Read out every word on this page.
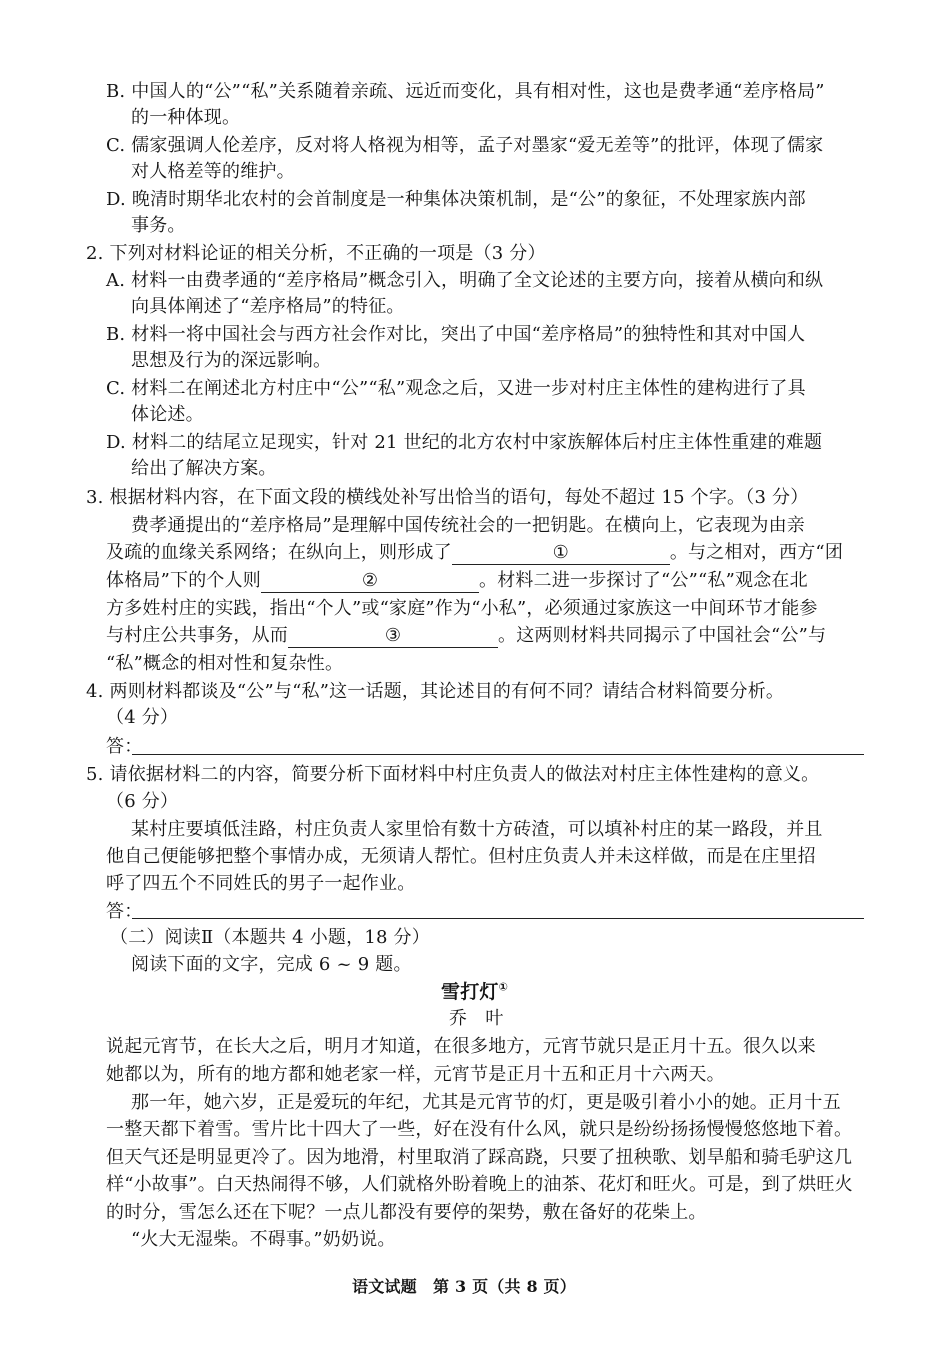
B. 中国人的“公”“私”关系随着亲疏、远近而变化，具有相对性，这也是费孝通“差序格局”
的一种体现。
C. 儒家强调人伦差序，反对将人格视为相等，孟子对墨家“爱无差等”的批评，体现了儒家
对人格差等的维护。
D. 晚清时期华北农村的会首制度是一种集体决策机制，是“公”的象征，不处理家族内部
事务。
2. 下列对材料论证的相关分析，不正确的一项是（3 分）
A. 材料一由费孝通的“差序格局”概念引入，明确了全文论述的主要方向，接着从横向和纵
向具体阐述了“差序格局”的特征。
B. 材料一将中国社会与西方社会作对比，突出了中国“差序格局”的独特性和其对中国人
思想及行为的深远影响。
C. 材料二在阐述北方村庄中“公”“私”观念之后，又进一步对村庄主体性的建构进行了具
体论述。
D. 材料二的结尾立足现实，针对 21 世纪的北方农村中家族解体后村庄主体性重建的难题
给出了解决方案。
3. 根据材料内容，在下面文段的横线处补写出恰当的语句，每处不超过 15 个字。（3 分）
费孝通提出的“差序格局”是理解中国传统社会的一把钥匙。在横向上，它表现为由亲
及疏的血缘关系网络；在纵向上，则形成了	①	。与之相对，西方“团
体格局”下的个人则	②	。材料二进一步探讨了“公”“私”观念在北
方多姓村庄的实践，指出“个人”或“家庭”作为“小私”，必须通过家族这一中间环节才能参
与村庄公共事务，从而	③	。这两则材料共同揭示了中国社会“公”与
“私”概念的相对性和复杂性。
4. 两则材料都谈及“公”与“私”这一话题，其论述目的有何不同？请结合材料简要分析。
（4 分）
答：
5. 请依据材料二的内容，简要分析下面材料中村庄负责人的做法对村庄主体性建构的意义。
（6 分）
某村庄要填低洼路，村庄负责人家里恰有数十方砖渣，可以填补村庄的某一路段，并且
他自己便能够把整个事情办成，无须请人帮忙。但村庄负责人并未这样做，而是在庄里招
呼了四五个不同姓氏的男子一起作业。
答：
（二）阅读Ⅱ（本题共 4 小题，18 分）
阅读下面的文字，完成 6 ~ 9 题。
雪打灯①
乔　叶
说起元宵节，在长大之后，明月才知道，在很多地方，元宵节就只是正月十五。很久以来
她都以为，所有的地方都和她老家一样，元宵节是正月十五和正月十六两天。
那一年，她六岁，正是爱玩的年纪，尤其是元宵节的灯，更是吸引着小小的她。正月十五
一整天都下着雪。雪片比十四大了一些，好在没有什么风，就只是纷纷扬扬慢慢悠悠地下着。
但天气还是明显更冷了。因为地滑，村里取消了踩高跷，只要了扭秧歌、划旱船和骑毛驴这几
样“小故事”。白天热闹得不够，人们就格外盼着晚上的油茶、花灯和旺火。可是，到了烘旺火
的时分，雪怎么还在下呢？一点儿都没有要停的架势，敷在备好的花柴上。
“火大无湿柴。不碍事。”奶奶说。
语文试题　第 3 页（共 8 页）
